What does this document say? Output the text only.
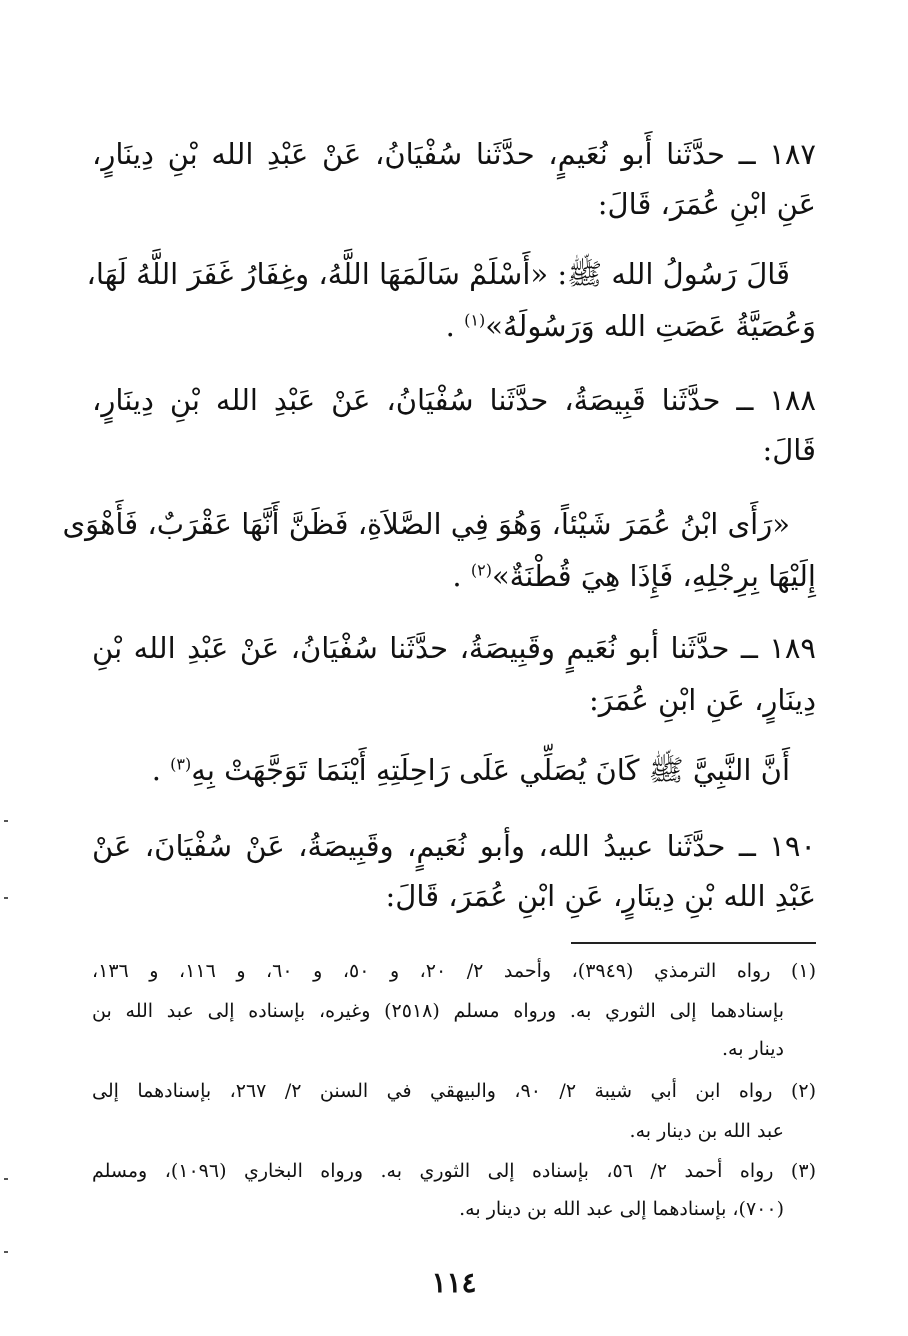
١٨٧ ــ حدَّثَنا أَبو نُعَيمٍ، حدَّثَنا سُفْيَانُ، عَنْ عَبْدِ الله بْنِ دِينَارٍ،
عَنِ ابْنِ عُمَرَ، قَالَ:
قَالَ رَسُولُ الله ﷺ: «أَسْلَمْ سَالَمَهَا اللَّهُ، وغِفَارُ غَفَرَ اللَّهُ لَهَا،
وَعُصَيَّةُ عَصَتِ الله وَرَسُولَهُ»$^{(١)}$ .
١٨٨ ــ حدَّثَنا قَبِيصَةُ، حدَّثَنا سُفْيَانُ، عَنْ عَبْدِ الله بْنِ دِينَارٍ،
قَالَ:
«رَأَى ابْنُ عُمَرَ شَيْئاً، وَهُوَ فِي الصَّلاَةِ، فَظَنَّ أَنَّهَا عَقْرَبٌ، فَأَهْوَى
إِلَيْهَا بِرِجْلِهِ، فَإِذَا هِيَ قُطْنَةٌ»$^{(٢)}$ .
١٨٩ ــ حدَّثَنا أبو نُعَيمٍ وقَبِيصَةُ، حدَّثَنا سُفْيَانُ، عَنْ عَبْدِ الله بْنِ
دِينَارٍ، عَنِ ابْنِ عُمَرَ:
أَنَّ النَّبِيَّ ﷺ كَانَ يُصَلِّي عَلَى رَاحِلَتِهِ أَيْنَمَا تَوَجَّهَتْ بِهِ$^{(٣)}$ .
١٩٠ ــ حدَّثَنا عبيدُ الله، وأبو نُعَيمٍ، وقَبِيصَةُ، عَنْ سُفْيَانَ، عَنْ
عَبْدِ الله بْنِ دِينَارٍ، عَنِ ابْنِ عُمَرَ، قَالَ:
(١) رواه الترمذي (٣٩٤٩)، وأحمد ٢/ ٢٠، و ٥٠، و ٦٠، و ١١٦، و ١٣٦،
بإسنادهما إلى الثوري به. ورواه مسلم (٢٥١٨) وغيره، بإسناده إلى عبد الله بن
دينار به.
(٢) رواه ابن أبي شيبة ٢/ ٩٠، والبيهقي في السنن ٢/ ٢٦٧، بإسنادهما إلى
عبد الله بن دينار به.
(٣) رواه أحمد ٢/ ٥٦، بإسناده إلى الثوري به. ورواه البخاري (١٠٩٦)، ومسلم
(٧٠٠)، بإسنادهما إلى عبد الله بن دينار به.
١١٤
